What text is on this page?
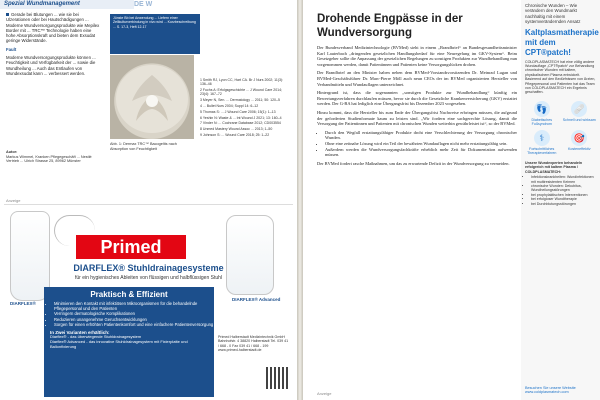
Spezial Wundmanagement	DE W

Gerade bei Blutungen ... wie sie bei Ulzerationen oder bei Hautschädigungen ... Moderne Wundversorgungsprodukte wie Mepilex Border mit ... TRC™ Technologie haben eine hohe Absorptionskraft und bieten dem Exsudat geringe Widerstände.

Fault

Moderne Wundversorgungsprodukte können ... Feuchtigkeit und Verfügbarkeit der ... sowie die Wundheilung ... Auch das Entlaufen von Wundexsudat kann ... verbessert werden.

Autor:
Markus Wimmel, Kranken Pflegegeschäft ... Nestlé Vertrieb ... Ulrich Strasse 25, 89962 Münster
Jünste Bb bei Anwendung ... Liefern einer Zellkulturverbindung in vivo wird ... Kurzbeschreibung ... S. 17-3, Heft 12-17
Abb. 1: Dermax TRC™ Bacogeltis nach Absorption von Feuchtigkeit

1 Smith RJ, Lyon CC, Hart CA. Br J Nurs 2002; 11(3): 136–46

2 Fuchs A: Erfolgsgeschichte ... J Wound Care 2014; 23(4): 167–72

3 Meyer N, Sen. ... Dermatology ... 2011; 50: 120–5

4 ... Bullet Nurs 2004; Suppl 14: 6–12

5 Thomas S: ... J Wound Care 2006; 15(1): 1–13

6 Yeshin N: Waste & ... Int Wound J 2021; 13: 160–4

7 Vinder N: ... Cochrane Database 2012; CD003554

8 Unmed Mastery Wound Assoc ... 2013; 1–50

9 Johnson S: ... Wound Care 2018; 25: 1–22

Anzeige
Primed
DIARFLEX® Stuhldrainagesysteme
für ein hygienisches Ableiten von flüssigen und halbflüssigen Stuhl
DIARFLEX®
DIARFLEX® Advanced
Praktisch & Effizient
• Minimieren den Kontakt mit infektiösen Mikroorganismen für die behandelnde Pflegepersonal und den Patienten
• Verringern dermatologische Komplikationen
• Reduzieren unangenehme Geruchsentwicklungen
• Sorgen für einen erhöhten Patientenkomfort und eine einfachere Patientenversorgung
In Zwei Varianten erhältlich:
Diarflex® - das überwiegende Stuhldrainagesystem
Diarflex® Advanced - das innovative Stuhldrainagesystem mit Fixierplatte und Ballonfixierung
Primed Halberstadt Medizintechnik GmbH Bahnhofstr. 4 38820 Halberstadt Tel. 039 41 / 668 - 0 Fax 039 41 / 668 - 199 www.primed-halberstadt.de
Drohende Engpässe in der Wundversorgung

Der Bundesverband Medizintechnologie (BVMed) sieht in einem „Brandbrief“ an Bundesgesundheitsminister Karl Lauterbach „dringenden gesetzlichen Handlungsbedarf für eine Neuregelung im GKV-System“. Beim Gesetzgeber sollte die Anpassung der gesetzlichen Regelungen zu sonstigen Produkten zur Wundbehandlung nun vorgenommen werden, damit Patientinnen und Patienten keine Versorgungslücken drohen.

Der Brandbrief an den Minister haben neben dem BVMed-Vorstandsvorsitzenden Dr. Meinrad Lugan und BVMed-Geschäftsführer Dr. Marc-Pierre Möll auch neun CEOs der im BVMed organisierten Hersteller von Verbandmitteln und Wundauflagen unterzeichnet.

Hintergrund ist, dass die sogenannten „sonstigen Produkte zur Wundbehandlung“ künftig ein Bewertungsverfahren durchlaufen müssen, bevor sie durch die Gesetzliche Krankenversicherung (GKV) erstattet werden. Der G-BA hat lediglich eine Übergangsfrist bis Dezember 2023 vorgesehen.

Hinzu kommt, dass die Hersteller bis zum Ende der Übergangsfrist Nachweise erbringen müssen, die aufgrund der geforderten Studienformate kaum zu leisten sind. „Wir fordern eine sachgerechte Lösung, damit die Versorgung der Patientinnen und Patienten mit chronischen Wunden weiterhin gewährleistet ist“, so der BVMed.

• Durch den Wegfall erstattungsfähiger Produkte droht eine Verschlechterung der Versorgung chronischer Wunden.
• Ohne eine zeitnahe Lösung wird ein Teil der bewährten Wundauflagen nicht mehr erstattungsfähig sein.
• Außerdem werden die Wundversorgungsfachkräfte erheblich mehr Zeit für Dokumentation aufwenden müssen.

Der BVMed fordert rasche Maßnahmen, um das zu erwartende Defizit in der Wundversorgung zu vermeiden.

Chronische Wunden – Wie verändern den Wundmarkt nachhaltig mit einem systemverändernden Ansatz
Kaltplasmatherapie mit dem CPT®patch!
COLDPLASMATECH hat eine völlig andere Wundauflage „CPT®patch“ zur Behandlung chronischer Wunden mit kaltem, physikalischem Plasma entwickelt. Basierend auf den Bedürfnissen von Ärzten, Pflegepersonal und Patienten hat das Team von COLDPLASMATECH ein Ergebnis geschaffen.
👣
Diabetisches Fußsyndrom
🩹
Schnell und wirksam
⚕
Fortschrittliches Therapieverfahren
🎯
Kosteneffektiv
Unsere Wundexperten behandeln erfolgreich mit kaltem Plasma / COLDPLASMATECH:
• Infektionskrankheiten: Wundinfektionen mit multiresistenten Keimen
• chronische Wunden: Dekubitus, Wundheilungsstörungen
• bei prophylaktischen Interventionen
• bei erfolgloser Wundtherapie
• bei Durchblutungsstörungen
Besuchen Sie unsere Website www.coldplasmatech.com
Anzeige
